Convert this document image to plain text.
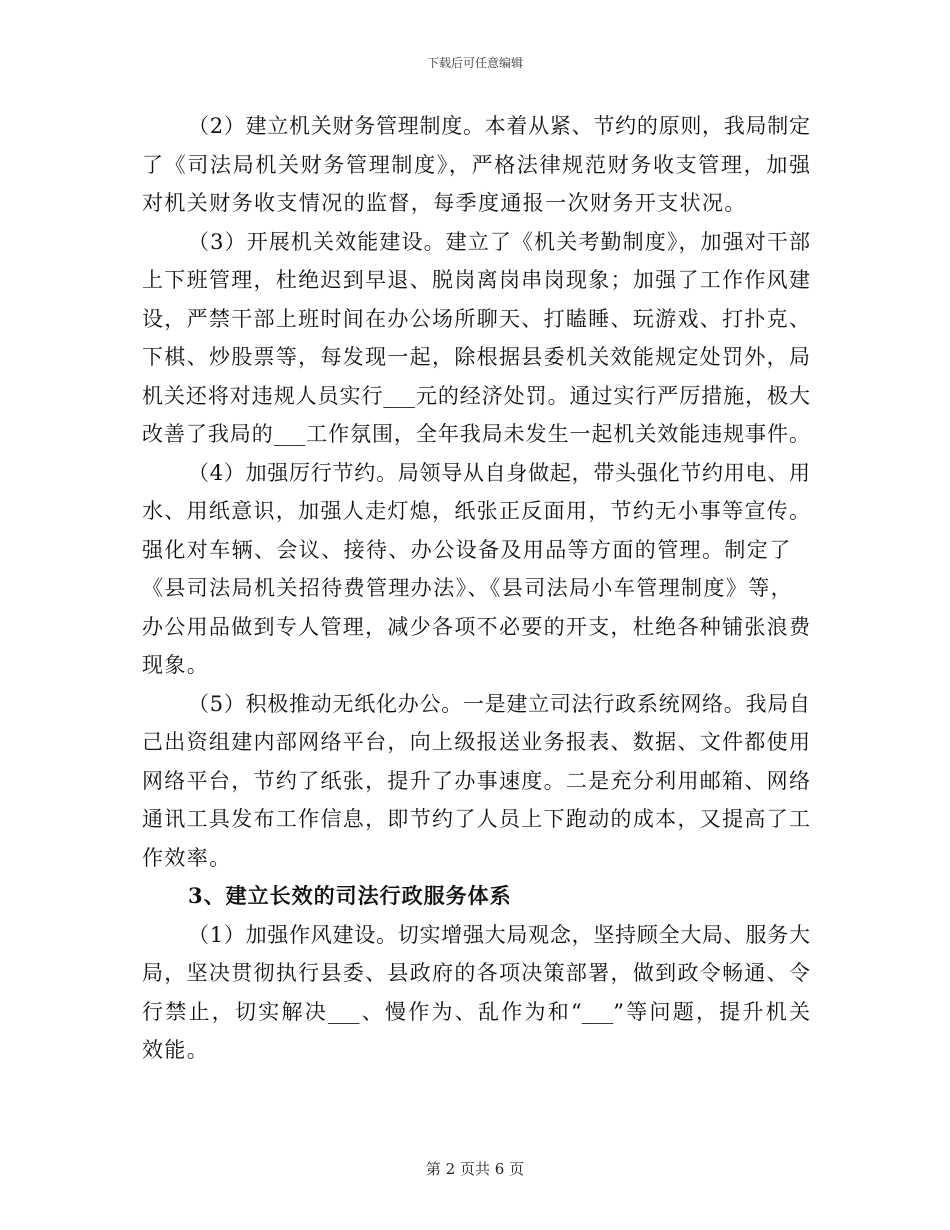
下载后可任意编辑
（2）建立机关财务管理制度。本着从紧、节约的原则，我局制定
了《司法局机关财务管理制度》，严格法律规范财务收支管理，加强
对机关财务收支情况的监督，每季度通报一次财务开支状况。
（3）开展机关效能建设。建立了《机关考勤制度》，加强对干部
上下班管理，杜绝迟到早退、脱岗离岗串岗现象；加强了工作作风建
设，严禁干部上班时间在办公场所聊天、打瞌睡、玩游戏、打扑克、
下棋、炒股票等，每发现一起，除根据县委机关效能规定处罚外，局
机关还将对违规人员实行___元的经济处罚。通过实行严厉措施，极大
改善了我局的___工作氛围，全年我局未发生一起机关效能违规事件。
（4）加强厉行节约。局领导从自身做起，带头强化节约用电、用
水、用纸意识，加强人走灯熄，纸张正反面用，节约无小事等宣传。
强化对车辆、会议、接待、办公设备及用品等方面的管理。制定了
《县司法局机关招待费管理办法》、《县司法局小车管理制度》等，
办公用品做到专人管理，减少各项不必要的开支，杜绝各种铺张浪费
现象。
（5）积极推动无纸化办公。一是建立司法行政系统网络。我局自
己出资组建内部网络平台，向上级报送业务报表、数据、文件都使用
网络平台，节约了纸张，提升了办事速度。二是充分利用邮箱、网络
通讯工具发布工作信息，即节约了人员上下跑动的成本，又提高了工
作效率。
3、建立长效的司法行政服务体系
（1）加强作风建设。切实增强大局观念，坚持顾全大局、服务大
局，坚决贯彻执行县委、县政府的各项决策部署，做到政令畅通、令
行禁止，切实解决___、慢作为、乱作为和“___”等问题，提升机关
效能。
第 2 页共 6 页
